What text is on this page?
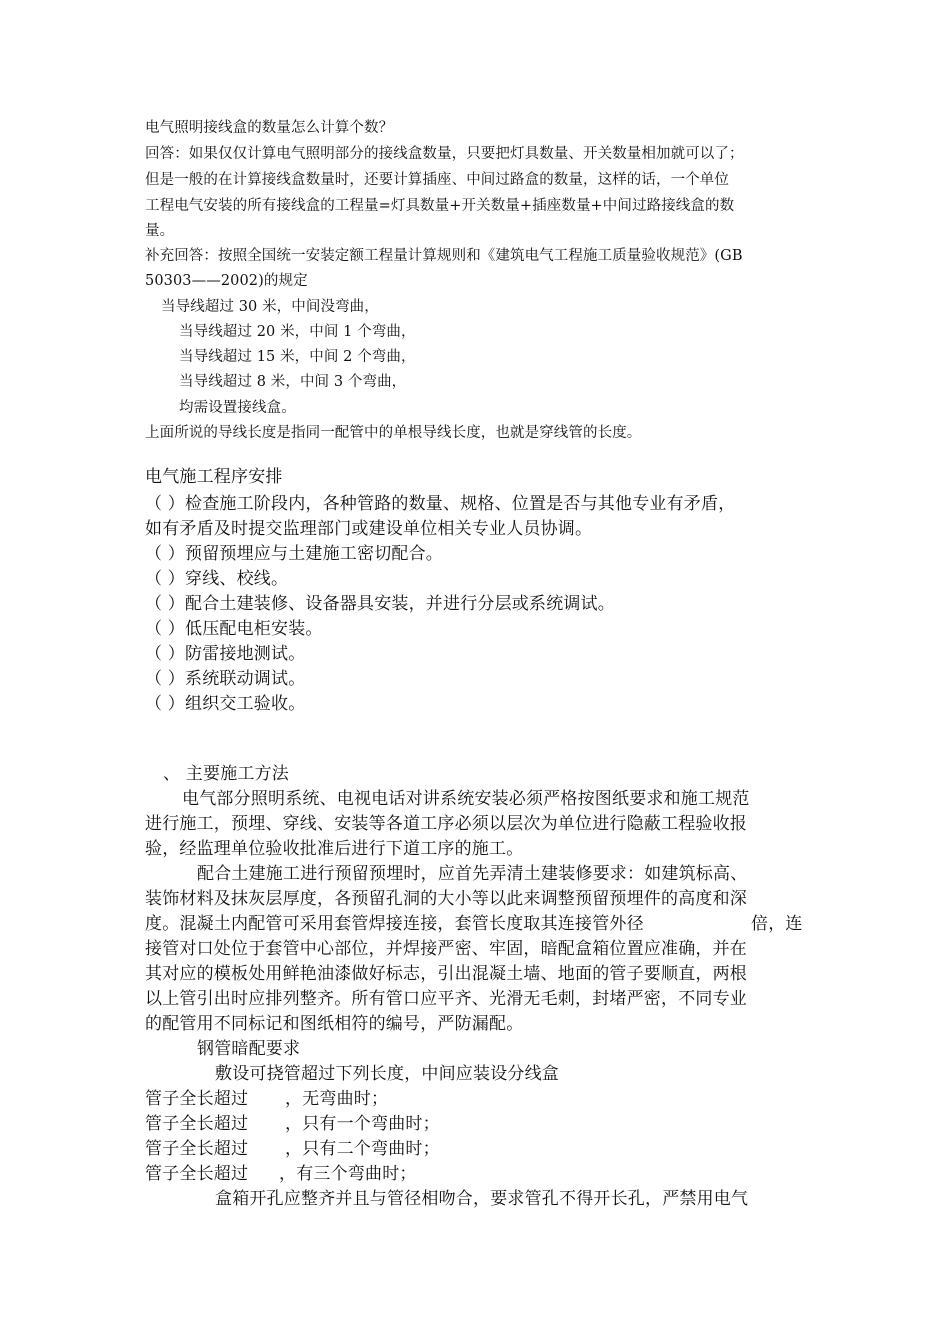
电气照明接线盒的数量怎么计算个数？
回答：如果仅仅计算电气照明部分的接线盒数量，只要把灯具数量、开关数量相加就可以了；
但是一般的在计算接线盒数量时，还要计算插座、中间过路盒的数量，这样的话，一个单位
工程电气安装的所有接线盒的工程量=灯具数量+开关数量+插座数量+中间过路接线盒的数
量。
补充回答：按照全国统一安装定额工程量计算规则和《建筑电气工程施工质量验收规范》(GB
50303——2002)的规定
当导线超过 30 米，中间没弯曲，
当导线超过 20 米，中间 1 个弯曲，
当导线超过 15 米，中间 2 个弯曲，
当导线超过 8 米，中间 3 个弯曲，
均需设置接线盒。
上面所说的导线长度是指同一配管中的单根导线长度，也就是穿线管的长度。
电气施工程序安排
（ ）检查施工阶段内，各种管路的数量、规格、位置是否与其他专业有矛盾，
如有矛盾及时提交监理部门或建设单位相关专业人员协调。
（ ）预留预埋应与土建施工密切配合。
（ ）穿线、校线。
（ ）配合土建装修、设备器具安装，并进行分层或系统调试。
（ ）低压配电柜安装。
（ ）防雷接地测试。
（ ）系统联动调试。
（ ）组织交工验收。
、 主要施工方法
电气部分照明系统、电视电话对讲系统安装必须严格按图纸要求和施工规范
进行施工，预埋、穿线、安装等各道工序必须以层次为单位进行隐蔽工程验收报
验，经监理单位验收批准后进行下道工序的施工。
配合土建施工进行预留预埋时，应首先弄清土建装修要求：如建筑标高、
装饰材料及抹灰层厚度，各预留孔洞的大小等以此来调整预留预埋件的高度和深
度。混凝土内配管可采用套管焊接连接，套管长度取其连接管外径	倍，连
接管对口处位于套管中心部位，并焊接严密、牢固，暗配盒箱位置应准确，并在
其对应的模板处用鲜艳油漆做好标志，引出混凝土墙、地面的管子要顺直，两根
以上管引出时应排列整齐。所有管口应平齐、光滑无毛刺，封堵严密，不同专业
的配管用不同标记和图纸相符的编号，严防漏配。
钢管暗配要求
敷设可挠管超过下列长度，中间应装设分线盒
管子全长超过 ，无弯曲时；
管子全长超过 ，只有一个弯曲时；
管子全长超过 ，只有二个弯曲时；
管子全长超过 ，有三个弯曲时；
盒箱开孔应整齐并且与管径相吻合，要求管孔不得开长孔，严禁用电气
